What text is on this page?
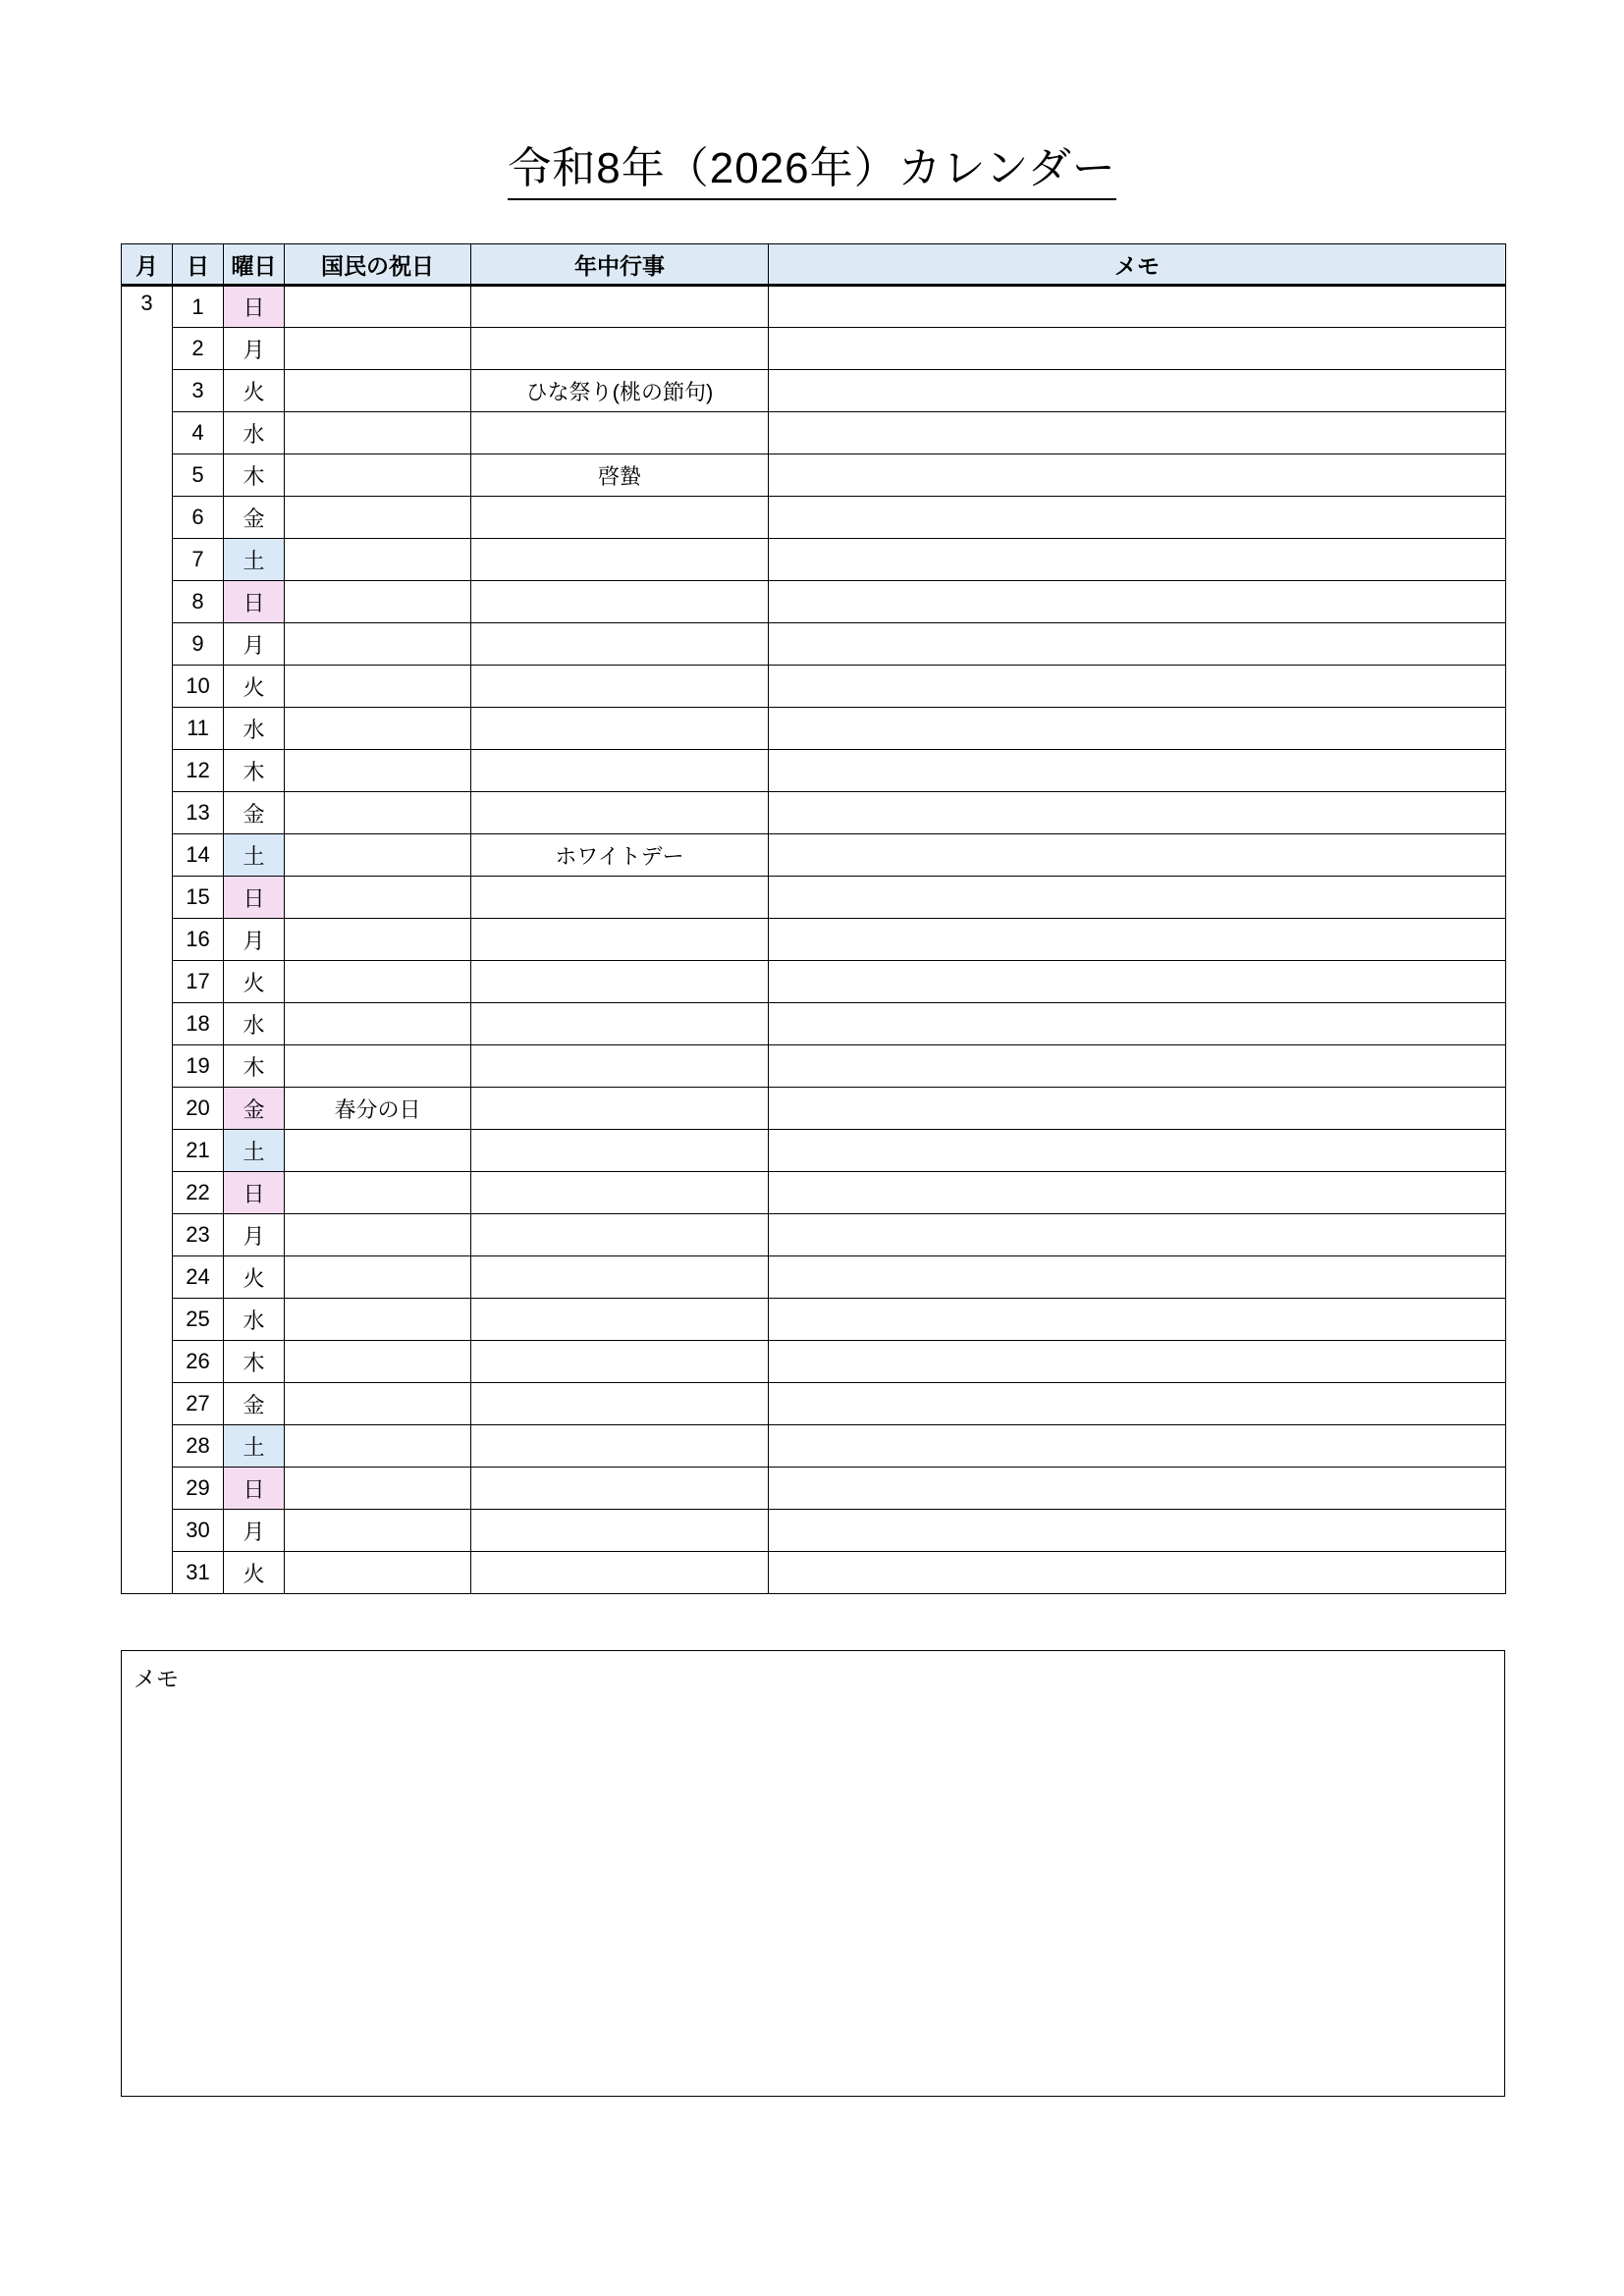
令和8年（2026年）カレンダー
月	日	曜日	国民の祝日	年中行事	メモ
3	1	日			
	2	月			
	3	火		ひな祭り(桃の節句)	
	4	水			
	5	木		啓蟄	
	6	金			
	7	土			
	8	日			
	9	月			
	10	火			
	11	水			
	12	木			
	13	金			
	14	土		ホワイトデー	
	15	日			
	16	月			
	17	火			
	18	水			
	19	木			
	20	金	春分の日		
	21	土			
	22	日			
	23	月			
	24	火			
	25	水			
	26	木			
	27	金			
	28	土			
	29	日			
	30	月			
	31	火			
メモ
